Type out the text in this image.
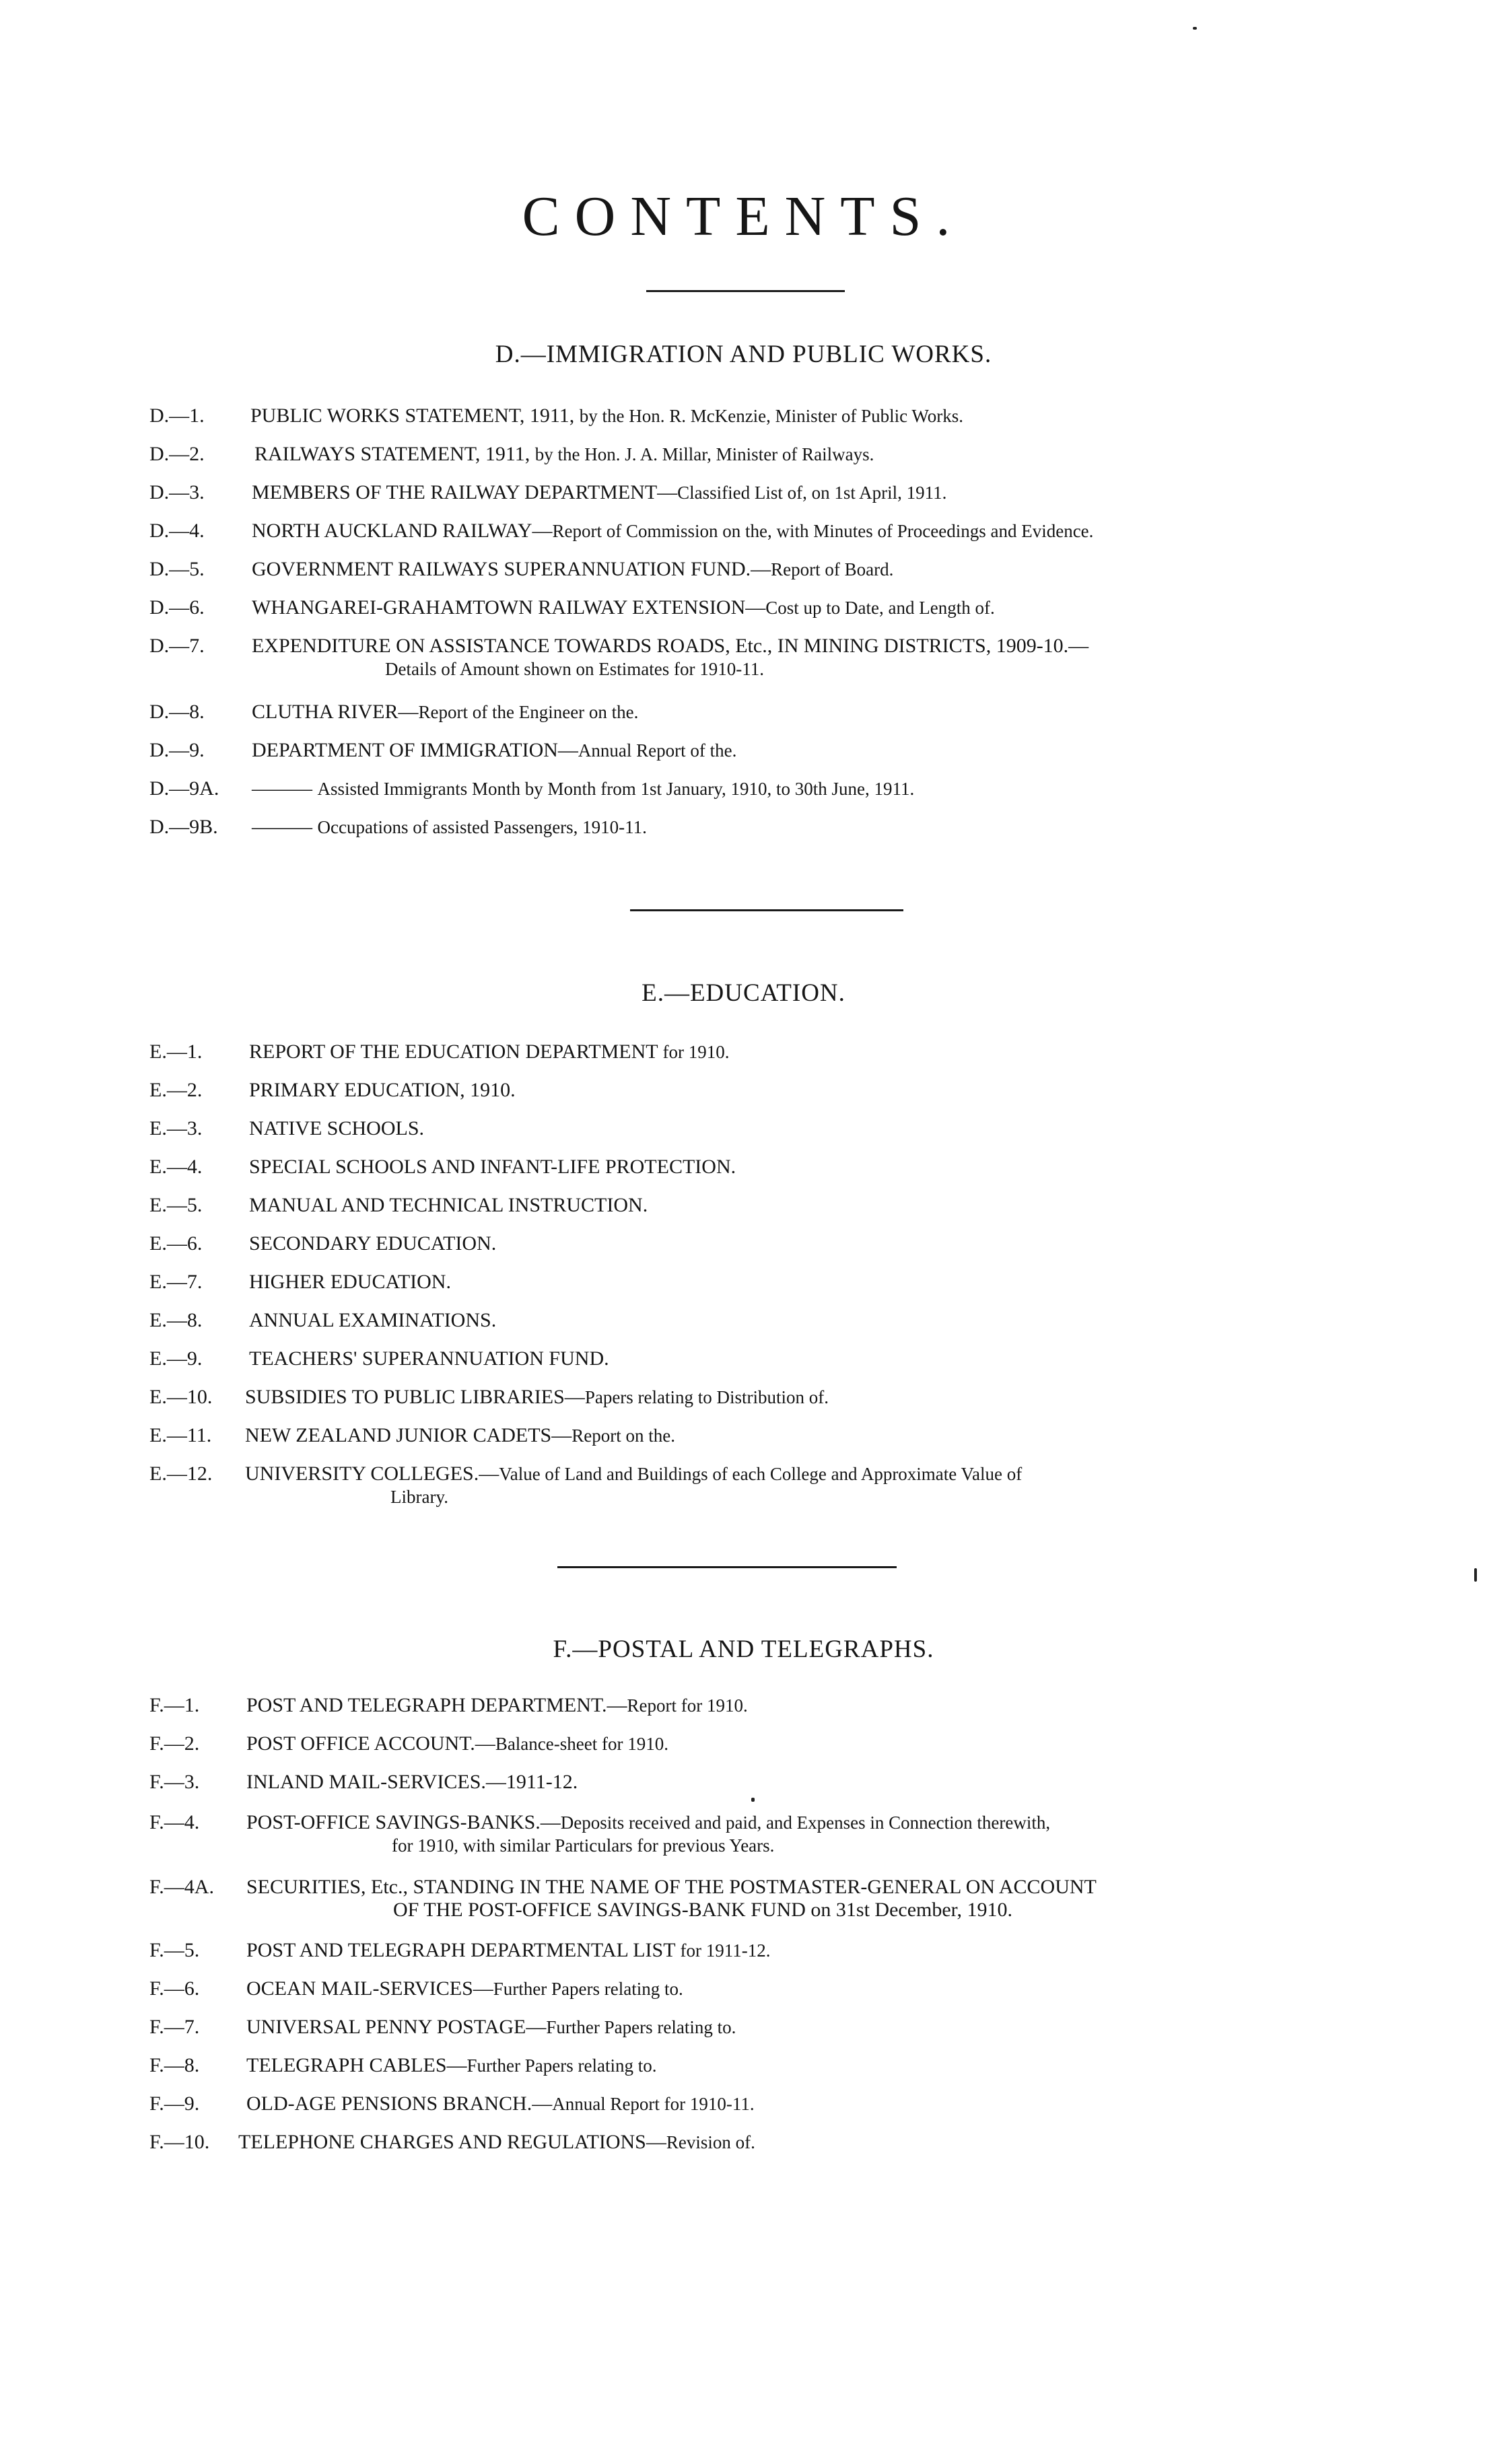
CONTENTS.
D.—IMMIGRATION AND PUBLIC WORKS.
D.—1.	PUBLIC WORKS STATEMENT, 1911, by the Hon. R. McKenzie, Minister of Public Works.
D.—2.	RAILWAYS STATEMENT, 1911, by the Hon. J. A. Millar, Minister of Railways.
D.—3.	MEMBERS OF THE RAILWAY DEPARTMENT—Classified List of, on 1st April, 1911.
D.—4.	NORTH AUCKLAND RAILWAY—Report of Commission on the, with Minutes of Proceedings and Evidence.
D.—5.	GOVERNMENT RAILWAYS SUPERANNUATION FUND.—Report of Board.
D.—6.	WHANGAREI-GRAHAMTOWN RAILWAY EXTENSION—Cost up to Date, and Length of.
D.—7.	EXPENDITURE ON ASSISTANCE TOWARDS ROADS, Etc., IN MINING DISTRICTS, 1909-10.—
Details of Amount shown on Estimates for 1910-11.
D.—8.	CLUTHA RIVER—Report of the Engineer on the.
D.—9.	DEPARTMENT OF IMMIGRATION—Annual Report of the.
D.—9A.	——— Assisted Immigrants Month by Month from 1st January, 1910, to 30th June, 1911.
D.—9B.	——— Occupations of assisted Passengers, 1910-11.
E.—EDUCATION.
E.—1.	REPORT OF THE EDUCATION DEPARTMENT for 1910.
E.—2.	PRIMARY EDUCATION, 1910.
E.—3.	NATIVE SCHOOLS.
E.—4.	SPECIAL SCHOOLS AND INFANT-LIFE PROTECTION.
E.—5.	MANUAL AND TECHNICAL INSTRUCTION.
E.—6.	SECONDARY EDUCATION.
E.—7.	HIGHER EDUCATION.
E.—8.	ANNUAL EXAMINATIONS.
E.—9.	TEACHERS' SUPERANNUATION FUND.
E.—10.	SUBSIDIES TO PUBLIC LIBRARIES—Papers relating to Distribution of.
E.—11.	NEW ZEALAND JUNIOR CADETS—Report on the.
E.—12.	UNIVERSITY COLLEGES.—Value of Land and Buildings of each College and Approximate Value of
Library.
F.—POSTAL AND TELEGRAPHS.
F.—1.	POST AND TELEGRAPH DEPARTMENT.—Report for 1910.
F.—2.	POST OFFICE ACCOUNT.—Balance-sheet for 1910.
F.—3.	INLAND MAIL-SERVICES.—1911-12.
F.—4.	POST-OFFICE SAVINGS-BANKS.—Deposits received and paid, and Expenses in Connection therewith,
for 1910, with similar Particulars for previous Years.
F.—4A.	SECURITIES, Etc., STANDING IN THE NAME OF THE POSTMASTER-GENERAL ON ACCOUNT
OF THE POST-OFFICE SAVINGS-BANK FUND on 31st December, 1910.
F.—5.	POST AND TELEGRAPH DEPARTMENTAL LIST for 1911-12.
F.—6.	OCEAN MAIL-SERVICES—Further Papers relating to.
F.—7.	UNIVERSAL PENNY POSTAGE—Further Papers relating to.
F.—8.	TELEGRAPH CABLES—Further Papers relating to.
F.—9.	OLD-AGE PENSIONS BRANCH.—Annual Report for 1910-11.
F.—10.	TELEPHONE CHARGES AND REGULATIONS—Revision of.
